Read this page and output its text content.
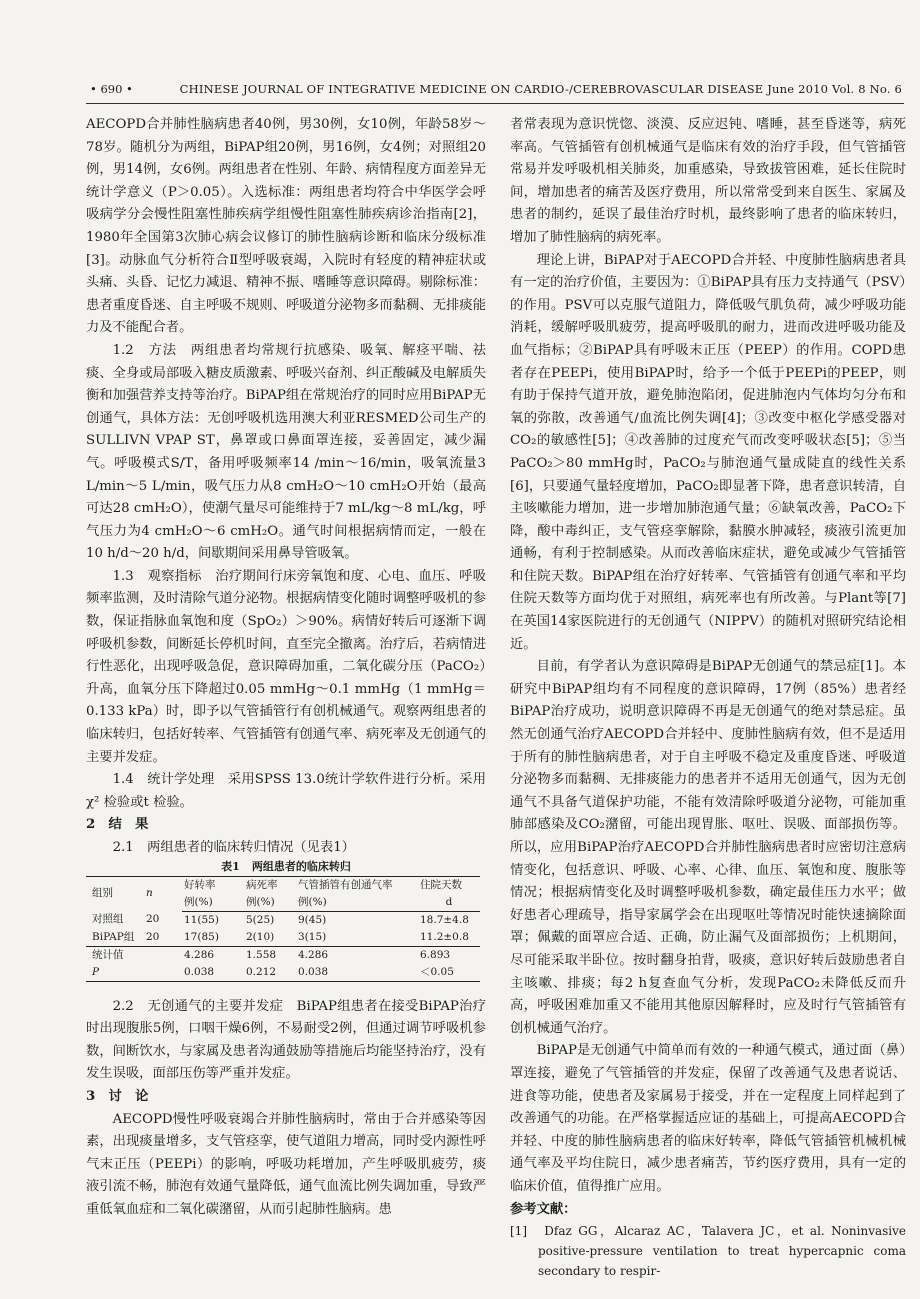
• 690 •	CHINESE JOURNAL OF INTEGRATIVE MEDICINE ON CARDIO-/CEREBROVASCULAR DISEASE June 2010 Vol. 8 No. 6

AECOPD合并肺性脑病患者40例，男30例，女10例，年龄58岁～78岁。随机分为两组，BiPAP组20例，男16例，女4例；对照组20例，男14例，女6例。两组患者在性别、年龄、病情程度方面差异无统计学意义（P＞0.05）。入选标准：两组患者均符合中华医学会呼吸病学分会慢性阻塞性肺疾病学组慢性阻塞性肺疾病诊治指南[2]，1980年全国第3次肺心病会议修订的肺性脑病诊断和临床分级标准[3]。动脉血气分析符合Ⅱ型呼吸衰竭，入院时有轻度的精神症状或头痛、头昏、记忆力减退、精神不振、嗜睡等意识障碍。剔除标准：患者重度昏迷、自主呼吸不规则、呼吸道分泌物多而黏稠、无排痰能力及不能配合者。

1.2　方法　两组患者均常规行抗感染、吸氧、解痉平喘、祛痰、全身或局部吸入糖皮质激素、呼吸兴奋剂、纠正酸碱及电解质失衡和加强营养支持等治疗。BiPAP组在常规治疗的同时应用BiPAP无创通气，具体方法：无创呼吸机选用澳大利亚RESMED公司生产的SULLIVN VPAP ST，鼻罩或口鼻面罩连接，妥善固定，减少漏气。呼吸模式S/T，备用呼吸频率14 /min～16/min，吸氧流量3 L/min～5 L/min，吸气压力从8 cmH₂O～10 cmH₂O开始（最高可达28 cmH₂O），使潮气量尽可能维持于7 mL/kg～8 mL/kg，呼气压力为4 cmH₂O～6 cmH₂O。通气时间根据病情而定，一般在10 h/d～20 h/d，间歇期间采用鼻导管吸氧。

1.3　观察指标　治疗期间行床旁氧饱和度、心电、血压、呼吸频率监测，及时清除气道分泌物。根据病情变化随时调整呼吸机的参数，保证指脉血氧饱和度（SpO₂）＞90%。病情好转后可逐渐下调呼吸机参数，间断延长停机时间，直至完全撤离。治疗后，若病情进行性恶化，出现呼吸急促，意识障碍加重，二氧化碳分压（PaCO₂）升高，血氧分压下降超过0.05 mmHg～0.1 mmHg（1 mmHg＝0.133 kPa）时，即予以气管插管行有创机械通气。观察两组患者的临床转归，包括好转率、气管插管有创通气率、病死率及无创通气的主要并发症。

1.4　统计学处理　采用SPSS 13.0统计学软件进行分析。采用χ² 检验或t 检验。

2　结　果

2.1　两组患者的临床转归情况（见表1）

表1 两组患者的临床转归
组别	n	好转率	病死率	气管插管有创通气率	住院天数
		例(%)	例(%)	例(%)	d
对照组	20	11(55)	5(25)	9(45)	18.7±4.8
BiPAP组	20	17(85)	2(10)	3(15)	11.2±0.8
统计值		4.286	1.558	4.286	6.893
P		0.038	0.212	0.038	＜0.05

2.2　无创通气的主要并发症　BiPAP组患者在接受BiPAP治疗时出现腹胀5例，口咽干燥6例，不易耐受2例，但通过调节呼吸机参数，间断饮水，与家属及患者沟通鼓励等措施后均能坚持治疗，没有发生误吸，面部压伤等严重并发症。

3　讨　论

AECOPD慢性呼吸衰竭合并肺性脑病时，常由于合并感染等因素，出现痰量增多，支气管痉挛，使气道阻力增高，同时受内源性呼气末正压（PEEPi）的影响，呼吸功耗增加，产生呼吸肌疲劳，痰液引流不畅，肺泡有效通气量降低，通气血流比例失调加重，导致严重低氧血症和二氧化碳潴留，从而引起肺性脑病。患

者常表现为意识恍惚、淡漠、反应迟钝、嗜睡，甚至昏迷等，病死率高。气管插管有创机械通气是临床有效的治疗手段，但气管插管常易并发呼吸机相关肺炎，加重感染，导致拔管困难，延长住院时间，增加患者的痛苦及医疗费用，所以常常受到来自医生、家属及患者的制约，延误了最佳治疗时机，最终影响了患者的临床转归，增加了肺性脑病的病死率。

理论上讲，BiPAP对于AECOPD合并轻、中度肺性脑病患者具有一定的治疗价值，主要因为：①BiPAP具有压力支持通气（PSV）的作用。PSV可以克服气道阻力，降低吸气肌负荷，减少呼吸功能消耗，缓解呼吸肌疲劳，提高呼吸肌的耐力，进而改进呼吸功能及血气指标；②BiPAP具有呼吸末正压（PEEP）的作用。COPD患者存在PEEPi，使用BiPAP时，给予一个低于PEEPi的PEEP，则有助于保持气道开放，避免肺泡陷闭，促进肺泡内气体均匀分布和氧的弥散，改善通气/血流比例失调[4]；③改变中枢化学感受器对CO₂的敏感性[5]；④改善肺的过度充气而改变呼吸状态[5]；⑤当PaCO₂＞80 mmHg时，PaCO₂与肺泡通气量成陡直的线性关系[6]，只要通气量轻度增加，PaCO₂即显著下降，患者意识转清，自主咳嗽能力增加，进一步增加肺泡通气量；⑥缺氧改善，PaCO₂下降，酸中毒纠正，支气管痉挛解除，黏膜水肿减轻，痰液引流更加通畅，有利于控制感染。从而改善临床症状，避免或减少气管插管和住院天数。BiPAP组在治疗好转率、气管插管有创通气率和平均住院天数等方面均优于对照组，病死率也有所改善。与Plant等[7]在英国14家医院进行的无创通气（NIPPV）的随机对照研究结论相近。

目前，有学者认为意识障碍是BiPAP无创通气的禁忌症[1]。本研究中BiPAP组均有不同程度的意识障碍，17例（85%）患者经BiPAP治疗成功，说明意识障碍不再是无创通气的绝对禁忌症。虽然无创通气治疗AECOPD合并轻中、度肺性脑病有效，但不是适用于所有的肺性脑病患者，对于自主呼吸不稳定及重度昏迷、呼吸道分泌物多而黏稠、无排痰能力的患者并不适用无创通气，因为无创通气不具备气道保护功能，不能有效清除呼吸道分泌物，可能加重肺部感染及CO₂潴留，可能出现胃胀、呕吐、误吸、面部损伤等。所以，应用BiPAP治疗AECOPD合并肺性脑病患者时应密切注意病情变化，包括意识、呼吸、心率、心律、血压、氧饱和度、腹胀等情况；根据病情变化及时调整呼吸机参数，确定最佳压力水平；做好患者心理疏导，指导家属学会在出现呕吐等情况时能快速摘除面罩；佩戴的面罩应合适、正确，防止漏气及面部损伤；上机期间，尽可能采取半卧位。按时翻身拍背，吸痰，意识好转后鼓励患者自主咳嗽、排痰；每2 h复查血气分析，发现PaCO₂未降低反而升高，呼吸困难加重又不能用其他原因解释时，应及时行气管插管有创机械通气治疗。

BiPAP是无创通气中简单而有效的一种通气模式，通过面（鼻）罩连接，避免了气管插管的并发症，保留了改善通气及患者说话、进食等功能，使患者及家属易于接受，并在一定程度上同样起到了改善通气的功能。在严格掌握适应证的基础上，可提高AECOPD合并轻、中度的肺性脑病患者的临床好转率，降低气管插管机械机械通气率及平均住院日，减少患者痛苦，节约医疗费用，具有一定的临床价值，值得推广应用。

参考文献：

[1]　Dfaz GG，Alcaraz AC，Talavera JC，et al. Noninvasive positive-pressure ventilation to treat hypercapnic coma secondary to respir-
